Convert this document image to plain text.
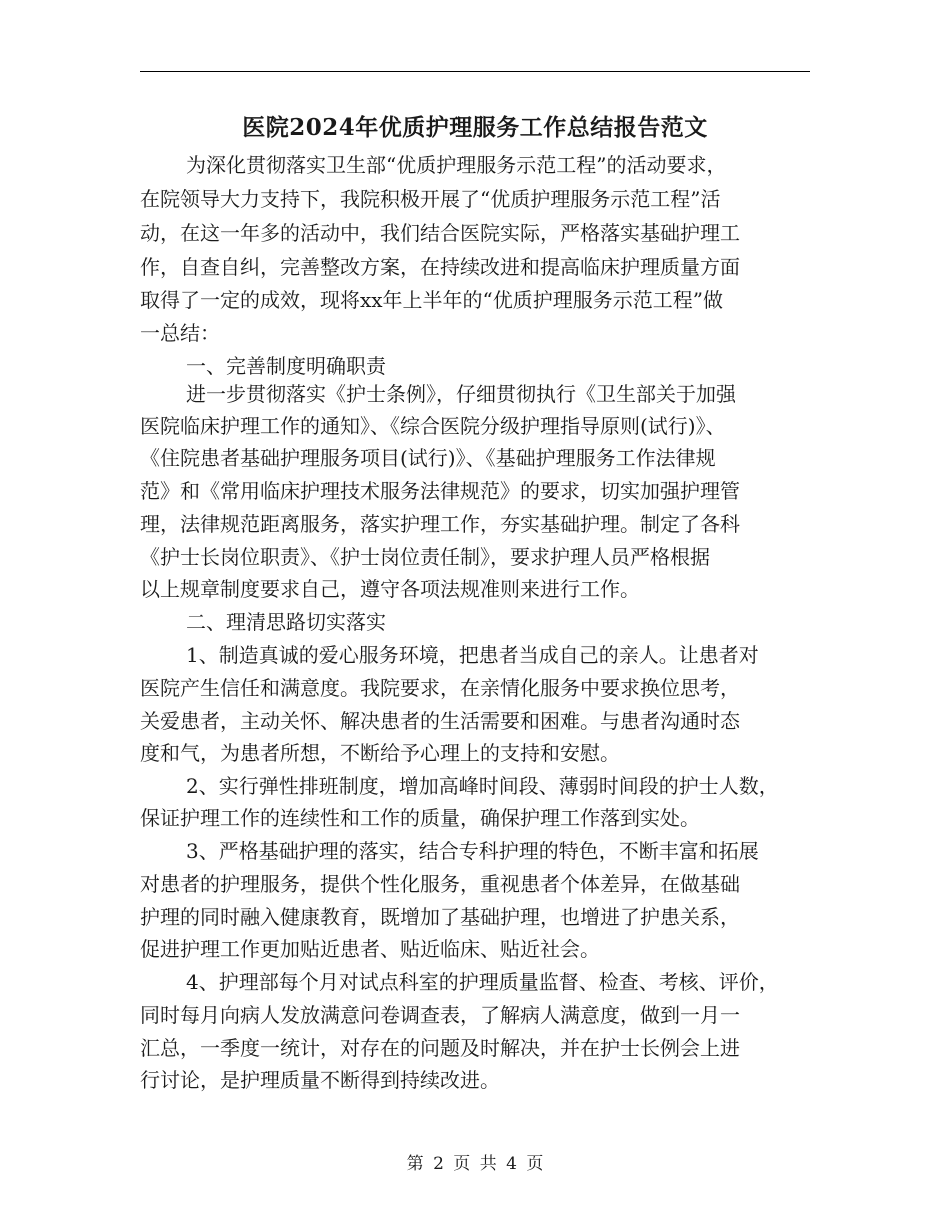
医院2024年优质护理服务工作总结报告范文
为深化贯彻落实卫生部“优质护理服务示范工程”的活动要求，
在院领导大力支持下，我院积极开展了“优质护理服务示范工程”活
动，在这一年多的活动中，我们结合医院实际，严格落实基础护理工
作，自查自纠，完善整改方案，在持续改进和提高临床护理质量方面
取得了一定的成效，现将xx年上半年的“优质护理服务示范工程”做
一总结：
一、完善制度明确职责
进一步贯彻落实《护士条例》，仔细贯彻执行《卫生部关于加强
医院临床护理工作的通知》、《综合医院分级护理指导原则(试行)》、
《住院患者基础护理服务项目(试行)》、《基础护理服务工作法律规
范》和《常用临床护理技术服务法律规范》的要求，切实加强护理管
理，法律规范距离服务，落实护理工作，夯实基础护理。制定了各科
《护士长岗位职责》、《护士岗位责任制》，要求护理人员严格根据
以上规章制度要求自己，遵守各项法规准则来进行工作。
二、理清思路切实落实
1、制造真诚的爱心服务环境，把患者当成自己的亲人。让患者对
医院产生信任和满意度。我院要求，在亲情化服务中要求换位思考，
关爱患者，主动关怀、解决患者的生活需要和困难。与患者沟通时态
度和气，为患者所想，不断给予心理上的支持和安慰。
2、实行弹性排班制度，增加高峰时间段、薄弱时间段的护士人数，
保证护理工作的连续性和工作的质量，确保护理工作落到实处。
3、严格基础护理的落实，结合专科护理的特色，不断丰富和拓展
对患者的护理服务，提供个性化服务，重视患者个体差异，在做基础
护理的同时融入健康教育，既增加了基础护理，也增进了护患关系，
促进护理工作更加贴近患者、贴近临床、贴近社会。
4、护理部每个月对试点科室的护理质量监督、检查、考核、评价，
同时每月向病人发放满意问卷调查表，了解病人满意度，做到一月一
汇总，一季度一统计，对存在的问题及时解决，并在护士长例会上进
行讨论，是护理质量不断得到持续改进。
第 2 页 共 4 页
